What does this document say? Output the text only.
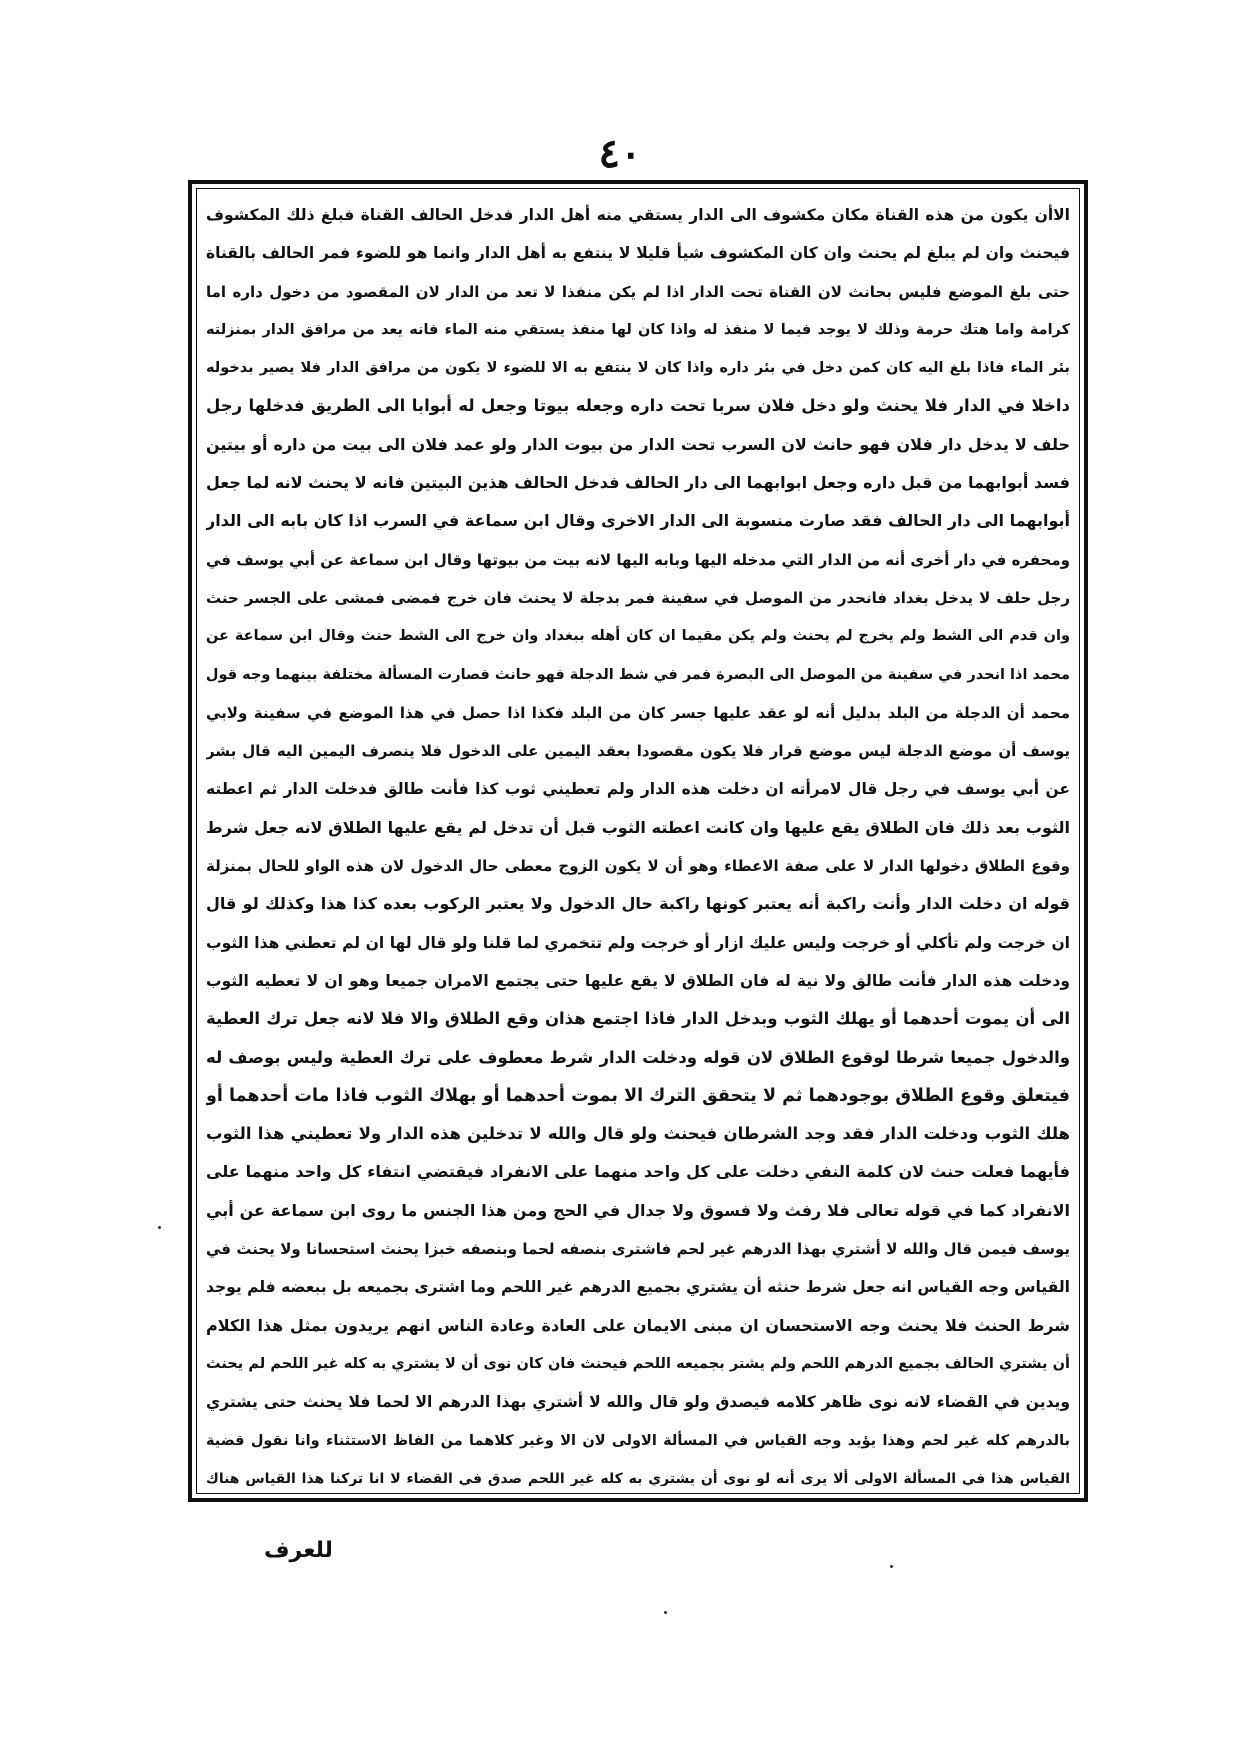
٤٠
الاأن يكون من هذه القناة مكان مكشوف الى الدار يستقي منه أهل الدار فدخل الحالف القناة فبلغ ذلك المكشوف
فيحنث وان لم يبلغ لم يحنث وان كان المكشوف شيأ قليلا لا ينتفع به أهل الدار وانما هو للضوء فمر الحالف بالقناة
حتى بلغ الموضع فليس بحانث لان القناة تحت الدار اذا لم يكن منفذا لا تعد من الدار لان المقصود من دخول داره اما
كرامة واما هتك حرمة وذلك لا يوجد فيما لا منفذ له واذا كان لها منفذ يستقي منه الماء فانه يعد من مرافق الدار بمنزلته
بئر الماء فاذا بلغ اليه كان كمن دخل في بئر داره واذا كان لا ينتفع به الا للضوء لا يكون من مرافق الدار فلا يصير بدخوله
داخلا في الدار فلا يحنث ولو دخل فلان سربا تحت داره وجعله بيوتا وجعل له أبوابا الى الطريق فدخلها رجل
حلف لا يدخل دار فلان فهو حانث لان السرب تحت الدار من بيوت الدار ولو عمد فلان الى بيت من داره أو بيتين
فسد أبوابهما من قبل داره وجعل ابوابهما الى دار الحالف فدخل الحالف هذين البيتين فانه لا يحنث لانه لما جعل
أبوابهما الى دار الحالف فقد صارت منسوبة الى الدار الاخرى وقال ابن سماعة في السرب اذا كان بابه الى الدار
ومحفره في دار أخرى أنه من الدار التي مدخله اليها وبابه اليها لانه بيت من بيوتها وقال ابن سماعة عن أبي يوسف في
رجل حلف لا يدخل بغداد فانحدر من الموصل في سفينة فمر بدجلة لا يحنث فان خرج فمضى فمشى على الجسر حنث
وان قدم الى الشط ولم يخرج لم يحنث ولم يكن مقيما ان كان أهله ببغداد وان خرج الى الشط حنث وقال ابن سماعة عن
محمد اذا انحدر في سفينة من الموصل الى البصرة فمر في شط الدجلة فهو حانث فصارت المسألة مختلفة بينهما وجه قول
محمد أن الدجلة من البلد بدليل أنه لو عقد عليها جسر كان من البلد فكذا اذا حصل في هذا الموضع في سفينة ولابي
يوسف أن موضع الدجلة ليس موضع قرار فلا يكون مقصودا بعقد اليمين على الدخول فلا ينصرف اليمين اليه قال بشر
عن أبي يوسف في رجل قال لامرأته ان دخلت هذه الدار ولم تعطيني ثوب كذا فأنت طالق فدخلت الدار ثم اعطته
الثوب بعد ذلك فان الطلاق يقع عليها وان كانت اعطته الثوب قبل أن تدخل لم يقع عليها الطلاق لانه جعل شرط
وقوع الطلاق دخولها الدار لا على صفة الاعطاء وهو أن لا يكون الزوج معطى حال الدخول لان هذه الواو للحال بمنزلة
قوله ان دخلت الدار وأنت راكبة أنه يعتبر كونها راكبة حال الدخول ولا يعتبر الركوب بعده كذا هذا وكذلك لو قال
ان خرجت ولم تأكلي أو خرجت وليس عليك ازار أو خرجت ولم تتخمري لما قلنا ولو قال لها ان لم تعطني هذا الثوب
ودخلت هذه الدار فأنت طالق ولا نية له فان الطلاق لا يقع عليها حتى يجتمع الامران جميعا وهو ان لا تعطيه الثوب
الى أن يموت أحدهما أو يهلك الثوب وبدخل الدار فاذا اجتمع هذان وقع الطلاق والا فلا لانه جعل ترك العطية
والدخول جميعا شرطا لوقوع الطلاق لان قوله ودخلت الدار شرط معطوف على ترك العطية وليس بوصف له
فيتعلق وقوع الطلاق بوجودهما ثم لا يتحقق الترك الا بموت أحدهما أو بهلاك الثوب فاذا مات أحدهما أو
هلك الثوب ودخلت الدار فقد وجد الشرطان فيحنث ولو قال والله لا تدخلين هذه الدار ولا تعطيني هذا الثوب
فأيهما فعلت حنث لان كلمة النفي دخلت على كل واحد منهما على الانفراد فيقتضي انتفاء كل واحد منهما على
الانفراد كما في قوله تعالى فلا رفث ولا فسوق ولا جدال في الحج ومن هذا الجنس ما روى ابن سماعة عن أبي
يوسف فيمن قال والله لا أشتري بهذا الدرهم غير لحم فاشترى بنصفه لحما وبنصفه خبزا يحنث استحسانا ولا يحنث في
القياس وجه القياس انه جعل شرط حنثه أن يشتري بجميع الدرهم غير اللحم وما اشترى بجميعه بل ببعضه فلم يوجد
شرط الحنث فلا يحنث وجه الاستحسان ان مبنى الايمان على العادة وعادة الناس انهم يريدون بمثل هذا الكلام
أن يشتري الحالف بجميع الدرهم اللحم ولم يشتر بجميعه اللحم فيحنث فان كان نوى أن لا يشتري به كله غير اللحم لم يحنث
ويدين في القضاء لانه نوى ظاهر كلامه فيصدق ولو قال والله لا أشتري بهذا الدرهم الا لحما فلا يحنث حتى يشتري
بالدرهم كله غير لحم وهذا يؤيد وجه القياس في المسألة الاولى لان الا وغير كلاهما من الفاظ الاستثناء وانا نقول قضية
القياس هذا في المسألة الاولى ألا يرى أنه لو نوى أن يشتري به كله غير اللحم صدق في القضاء لا انا تركنا هذا القياس هناك
للعرف
